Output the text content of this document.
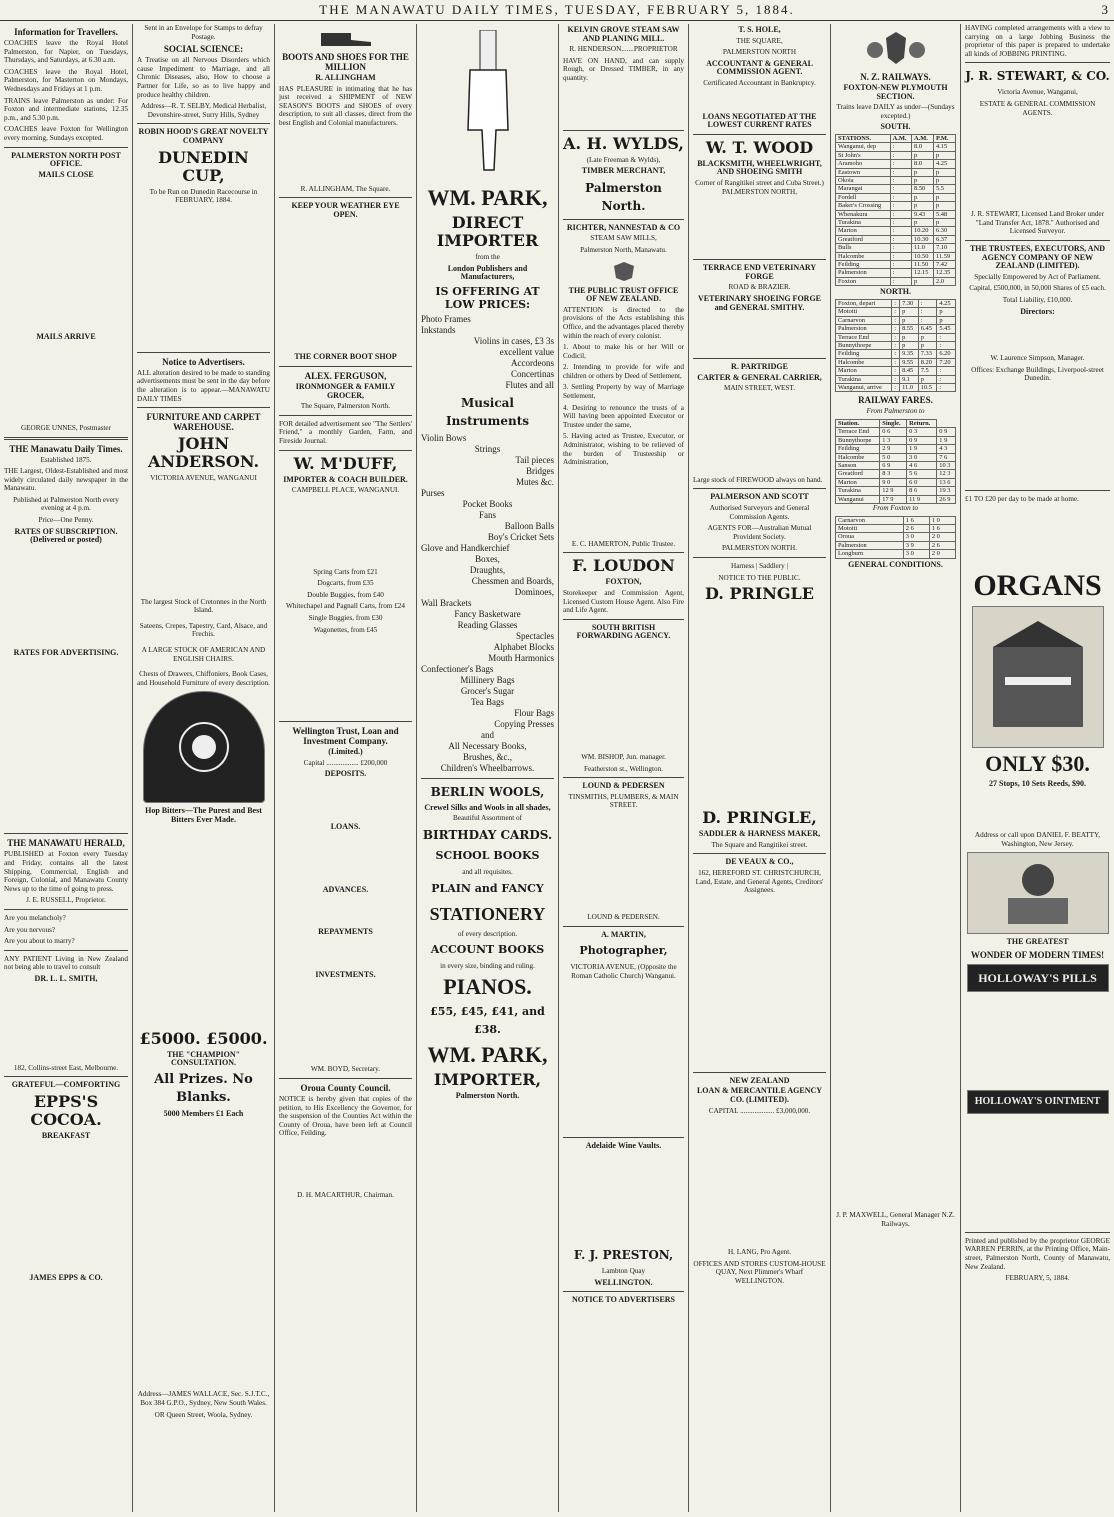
THE MANAWATU DAILY TIMES, TUESDAY, FEBRUARY 5, 1884.	3
Information for Travellers.

COACHES leave the Royal Hotel Palmerston, for Napier, on Tuesdays, Thursdays, and Saturdays, at 6.30 a.m.

COACHES leave the Royal Hotel, Palmerston, for Masterton on Mondays, Wednesdays and Fridays at 1 p.m.

TRAINS leave Palmerston as under: For Foxton and intermediate stations, 12.35 p.m., and 5.30 p.m.

COACHES leave Foxton for Wellington every morning, Sundays excepted.

PALMERSTON NORTH POST OFFICE.
MAILS CLOSE
MAILS ARRIVE

GEORGE UNNES, Postmaster

THE Manawatu Daily Times.

Established 1875.

THE Largest, Oldest-Established and most widely circulated daily newspaper in the Manawatu.

Published at Palmerston North every evening at 4 p.m.

Price—One Penny.

RATES OF SUBSCRIPTION. (Delivered or posted)
RATES FOR ADVERTISING.
THE MANAWATU HERALD,

PUBLISHED at Foxton every Tuesday and Friday, contains all the latest Shipping, Commercial, English and Foreign, Colonial, and Manawatu County News up to the time of going to press.

J. E. RUSSELL, Proprietor.

Are you melancholy?

Are you nervous?

Are you about to marry?

ANY PATIENT Living in New Zealand not being able to travel to consult

DR. L. L. SMITH,

182, Collins-street East, Melbourne.

GRATEFUL—COMFORTING
EPPS'S COCOA.
BREAKFAST
JAMES EPPS & CO.

Sent in an Envelope for Stamps to defray Postage.

SOCIAL SCIENCE:

A Treatise on all Nervous Disorders which cause Impediment to Marriage, and all Chronic Diseases, also, How to choose a Partner for Life, so as to live happy and produce healthy children.

Address—R. T. SELBY, Medical Herbalist, Devonshire-street, Surry Hills, Sydney

ROBIN HOOD'S GREAT NOVELTY COMPANY
DUNEDIN CUP,

To be Run on Dunedin Racecourse in FEBRUARY, 1884.

Notice to Advertisers.

ALL alteration desired to be made to standing advertisements must be sent in the day before the alteration is to appear.—MANAWATU DAILY TIMES

FURNITURE AND CARPET WAREHOUSE.
JOHN ANDERSON.

VICTORIA AVENUE, WANGANUI

The largest Stock of Cretonnes in the North Island.

Sateens, Crepes, Tapestry, Card, Alsace, and Frechis.

A LARGE STOCK OF AMERICAN AND ENGLISH CHAIRS.

Chests of Drawers, Chiffoniers, Book Cases, and Household Furniture of every description.

Hop Bitters—The Purest and Best Bitters Ever Made.
£5000. £5000.
THE "CHAMPION" CONSULTATION.
All Prizes. No Blanks.
5000 Members £1 Each

Address—JAMES WALLACE, Sec. S.J.T.C., Box 384 G.P.O., Sydney, New South Wales.

OR Queen Street, Woola, Sydney.

BOOTS AND SHOES FOR THE MILLION
R. ALLINGHAM

HAS PLEASURE in intimating that he has just received a SHIPMENT of NEW SEASON'S BOOTS and SHOES of every description, to suit all classes, direct from the best English and Colonial manufacturers.

R. ALLINGHAM, The Square.

KEEP YOUR WEATHER EYE OPEN.
THE CORNER BOOT SHOP
ALEX. FERGUSON,
IRONMONGER & FAMILY GROCER,

The Square, Palmerston North.

FOR detailed advertisement see "The Settlers' Friend," a monthly Garden, Farm, and Fireside Journal.

W. M'DUFF,
IMPORTER & COACH BUILDER.

CAMPBELL PLACE, WANGANUI.

Spring Carts from £21

Dogcarts, from £35

Double Buggies, from £40

Whitechapel and Pagnall Carts, from £24

Single Buggies, from £30

Wagonettes, from £45

Wellington Trust, Loan and Investment Company.
(Limited.)

Capital .................. £200,000

DEPOSITS.
LOANS.
ADVANCES.
REPAYMENTS
INVESTMENTS.

WM. BOYD, Secretary.

Oroua County Council.

NOTICE is hereby given that copies of the petition, to His Excellency the Governor, for the suspension of the Counties Act within the County of Oroua, have been left at Council Office, Feilding.

D. H. MACARTHUR, Chairman.

WM. PARK,
DIRECT IMPORTER

from the

London Publishers and Manufacturers,
IS OFFERING AT LOW PRICES:
Photo Frames
Inkstands
Violins in cases, £3 3s
excellent value
Accordeons
Concertinas
Flutes and all
Musical Instruments
Violin Bows
Strings
Tail pieces
Bridges
Mutes &c.
Purses
Pocket Books
Fans
Balloon Balls
Boy's Cricket Sets
Glove and Handkerchief
Boxes,
Draughts,
Chessmen and Boards,
Dominoes,
Wall Brackets
Fancy Basketware
Reading Glasses
Spectacles
Alphabet Blocks
Mouth Harmonics
Confectioner's Bags
Millinery Bags
Grocer's Sugar
Tea Bags
Flour Bags
Copying Presses
and
All Necessary Books,
Brushes, &c.,
Children's Wheelbarrows.
BERLIN WOOLS,
Crewel Silks and Wools in all shades,

Beautiful Assortment of

BIRTHDAY CARDS.
SCHOOL BOOKS

and all requisites.

PLAIN and FANCY
STATIONERY

of every description.

ACCOUNT BOOKS

in every size, binding and ruling.

PIANOS.
£55, £45, £41, and £38.
WM. PARK,
IMPORTER,
Palmerston North.
KELVIN GROVE STEAM SAW AND PLANING MILL.

R. HENDERSON.......PROPRIETOR

HAVE ON HAND, and can supply Rough, or Dressed TIMBER, in any quantity.

A. H. WYLDS,

(Late Freeman & Wylds),

TIMBER MERCHANT,
Palmerston North.
RICHTER, NANNESTAD & CO

STEAM SAW MILLS,

Palmerston North, Manawatu.

THE PUBLIC TRUST OFFICE OF NEW ZEALAND.

ATTENTION is directed to the provisions of the Acts establishing this Office, and the advantages placed thereby within the reach of every colonist.

1. About to make his or her Will or Codicil,

2. Intending to provide for wife and children or others by Deed of Settlement,

3. Settling Property by way of Marriage Settlement,

4. Desiring to renounce the trusts of a Will having been appointed Executor or Trustee under the same,

5. Having acted as Trustee, Executor, or Administrator, wishing to be relieved of the burden of Trusteeship or Administration,

E. C. HAMERTON, Public Trustee.

F. LOUDON
FOXTON,

Storekeeper and Commission Agent, Licensed Custom House Agent. Also Fire and Life Agent.

SOUTH BRITISH FORWARDING AGENCY.

WM. BISHOP, Jun. manager.

Featherston st., Wellington.

LOUND & PEDERSEN

TINSMITHS, PLUMBERS, & MAIN STREET.

LOUND & PEDERSEN.

A. MARTIN,
Photographer,

VICTORIA AVENUE, (Opposite the Roman Catholic Church) Wanganui.

Adelaide Wine Vaults.
F. J. PRESTON,

Lambton Quay

WELLINGTON.
NOTICE TO ADVERTISERS
T. S. HOLE,

THE SQUARE,

PALMERSTON NORTH

ACCOUNTANT & GENERAL COMMISSION AGENT.

Certificated Accountant in Bankruptcy.

LOANS NEGOTIATED AT THE LOWEST CURRENT RATES
W. T. WOOD
BLACKSMITH, WHEELWRIGHT, AND SHOEING SMITH

Corner of Rangitikei street and Cuba Street.) PALMERSTON NORTH,

TERRACE END VETERINARY FORGE

ROAD & BRAZIER.

VETERINARY SHOEING FORGE and GENERAL SMITHY.
R. PARTRIDGE
CARTER & GENERAL CARRIER,

MAIN STREET, WEST.

Large stock of FIREWOOD always on hand.

PALMERSON AND SCOTT

Authorised Surveyors and General Commission Agents.

AGENTS FOR—Australian Mutual Provident Society.

PALMERSTON NORTH.

Harness | Saddlery |

NOTICE TO THE PUBLIC.

D. PRINGLE
D. PRINGLE,
SADDLER & HARNESS MAKER,

The Square and Rangitikei street.

DE VEAUX & CO.,

162, HEREFORD ST. CHRISTCHURCH, Land, Estate, and General Agents, Creditors' Assignees.

NEW ZEALAND
LOAN & MERCANTILE AGENCY CO. (LIMITED).

CAPITAL ................... £3,000,000.

H. LANG, Pro Agent.

OFFICES AND STORES CUSTOM-HOUSE QUAY, Next Plimmer's Wharf WELLINGTON.

N. Z. RAILWAYS.
FOXTON-NEW PLYMOUTH SECTION.

Trains leave DAILY as under—(Sundays excepted.)

SOUTH.
STATIONS.	A.M.	A.M.	P.M.
Wanganui, dep	:	8.0	4.15
St John's	:	p	p
Aramoho	:	8.0	4.25
Eastown	:	p	p
Okoia	:	p	p
Marangai	:	8.50	5.5
Fordell	:	p	p
Baker's Crossing	:	p	p
Whenakura	:	9.43	5.48
Turakina	:	p	p
Marton	:	10.20	6.30
Greatford	:	10.30	6.37
Bulls	:	11.0	7.10
Halcombe	:	10.50	11.59
Feilding	:	11.50	7.42
Palmerston	:	12.15	12.35
Foxton	:	p	2.0
NORTH.
Foxton, depart	:	7.30	:	4.25
Motoiti	:	p	:	p
Carnarvon	:	p	:	p
Palmerston	:	8.55	6.45	5.45
Terrace End	:	p	p	:
Bunnythorpe	:	p	p	:
Feilding	:	9.35	7.33	6.20
Halcombe	:	9.55	8.20	7.20
Marton	:	8.45	7.5	:
Turakina	:	9.1	p	:
Wanganui, arrive	:	11.0	10.5	:
RAILWAY FARES.

From Palmerston to

Station.	Single.	Return.	
Terrace End	0 6	0 3	0 9
Bunnythorpe	1 3	0 9	1 9
Feilding	2 9	1 9	4 3
Halcombe	5 0	3 0	7 6
Sanson	6 9	4 6	10 3
Greatford	8 3	5 6	12 3
Marton	9 0	6 0	13 6
Turakina	12 9	8 6	19 3
Wanganui	17 9	11 9	26 9

From Foxton to

Carnarvon	1 6	1 0
Motoiti	2 6	1 6
Oroua	3 0	2 0
Palmerston	3 9	2 6
Longburn	3 0	2 0
GENERAL CONDITIONS.

J. P. MAXWELL, General Manager N.Z. Railways.

HAVING completed arrangements with a view to carrying on a large Jobbing Business the proprietor of this paper is prepared to undertake all kinds of JOBBING PRINTING.

J. R. STEWART, & CO.

Victoria Avenue, Wanganui,

ESTATE & GENERAL COMMISSION AGENTS.

J. R. STEWART, Licensed Land Broker under "Land Transfer Act, 1878." Authorised and Licensed Surveyor.

THE TRUSTEES, EXECUTORS, AND AGENCY COMPANY OF NEW ZEALAND (LIMITED).

Specially Empowered by Act of Parliament.

Capital, £500,000, in 50,000 Shares of £5 each.

Total Liability, £10,000.

Directors:

W. Laurence Simpson, Manager.

Offices: Exchange Buildings, Liverpool-street Dunedin.

£1 TO £20 per day to be made at home.

ORGANS
ONLY $30.
27 Stops, 10 Sets Reeds, $90.

Address or call upon DANIEL F. BEATTY, Washington, New Jersey.

THE GREATEST
WONDER OF MODERN TIMES!
HOLLOWAY'S PILLS
HOLLOWAY'S OINTMENT

Printed and published by the proprietor GEORGE WARREN PERRIN, at the Printing Office, Main-street, Palmerston North, County of Manawatu, New Zealand.

FEBRUARY, 5, 1884.
